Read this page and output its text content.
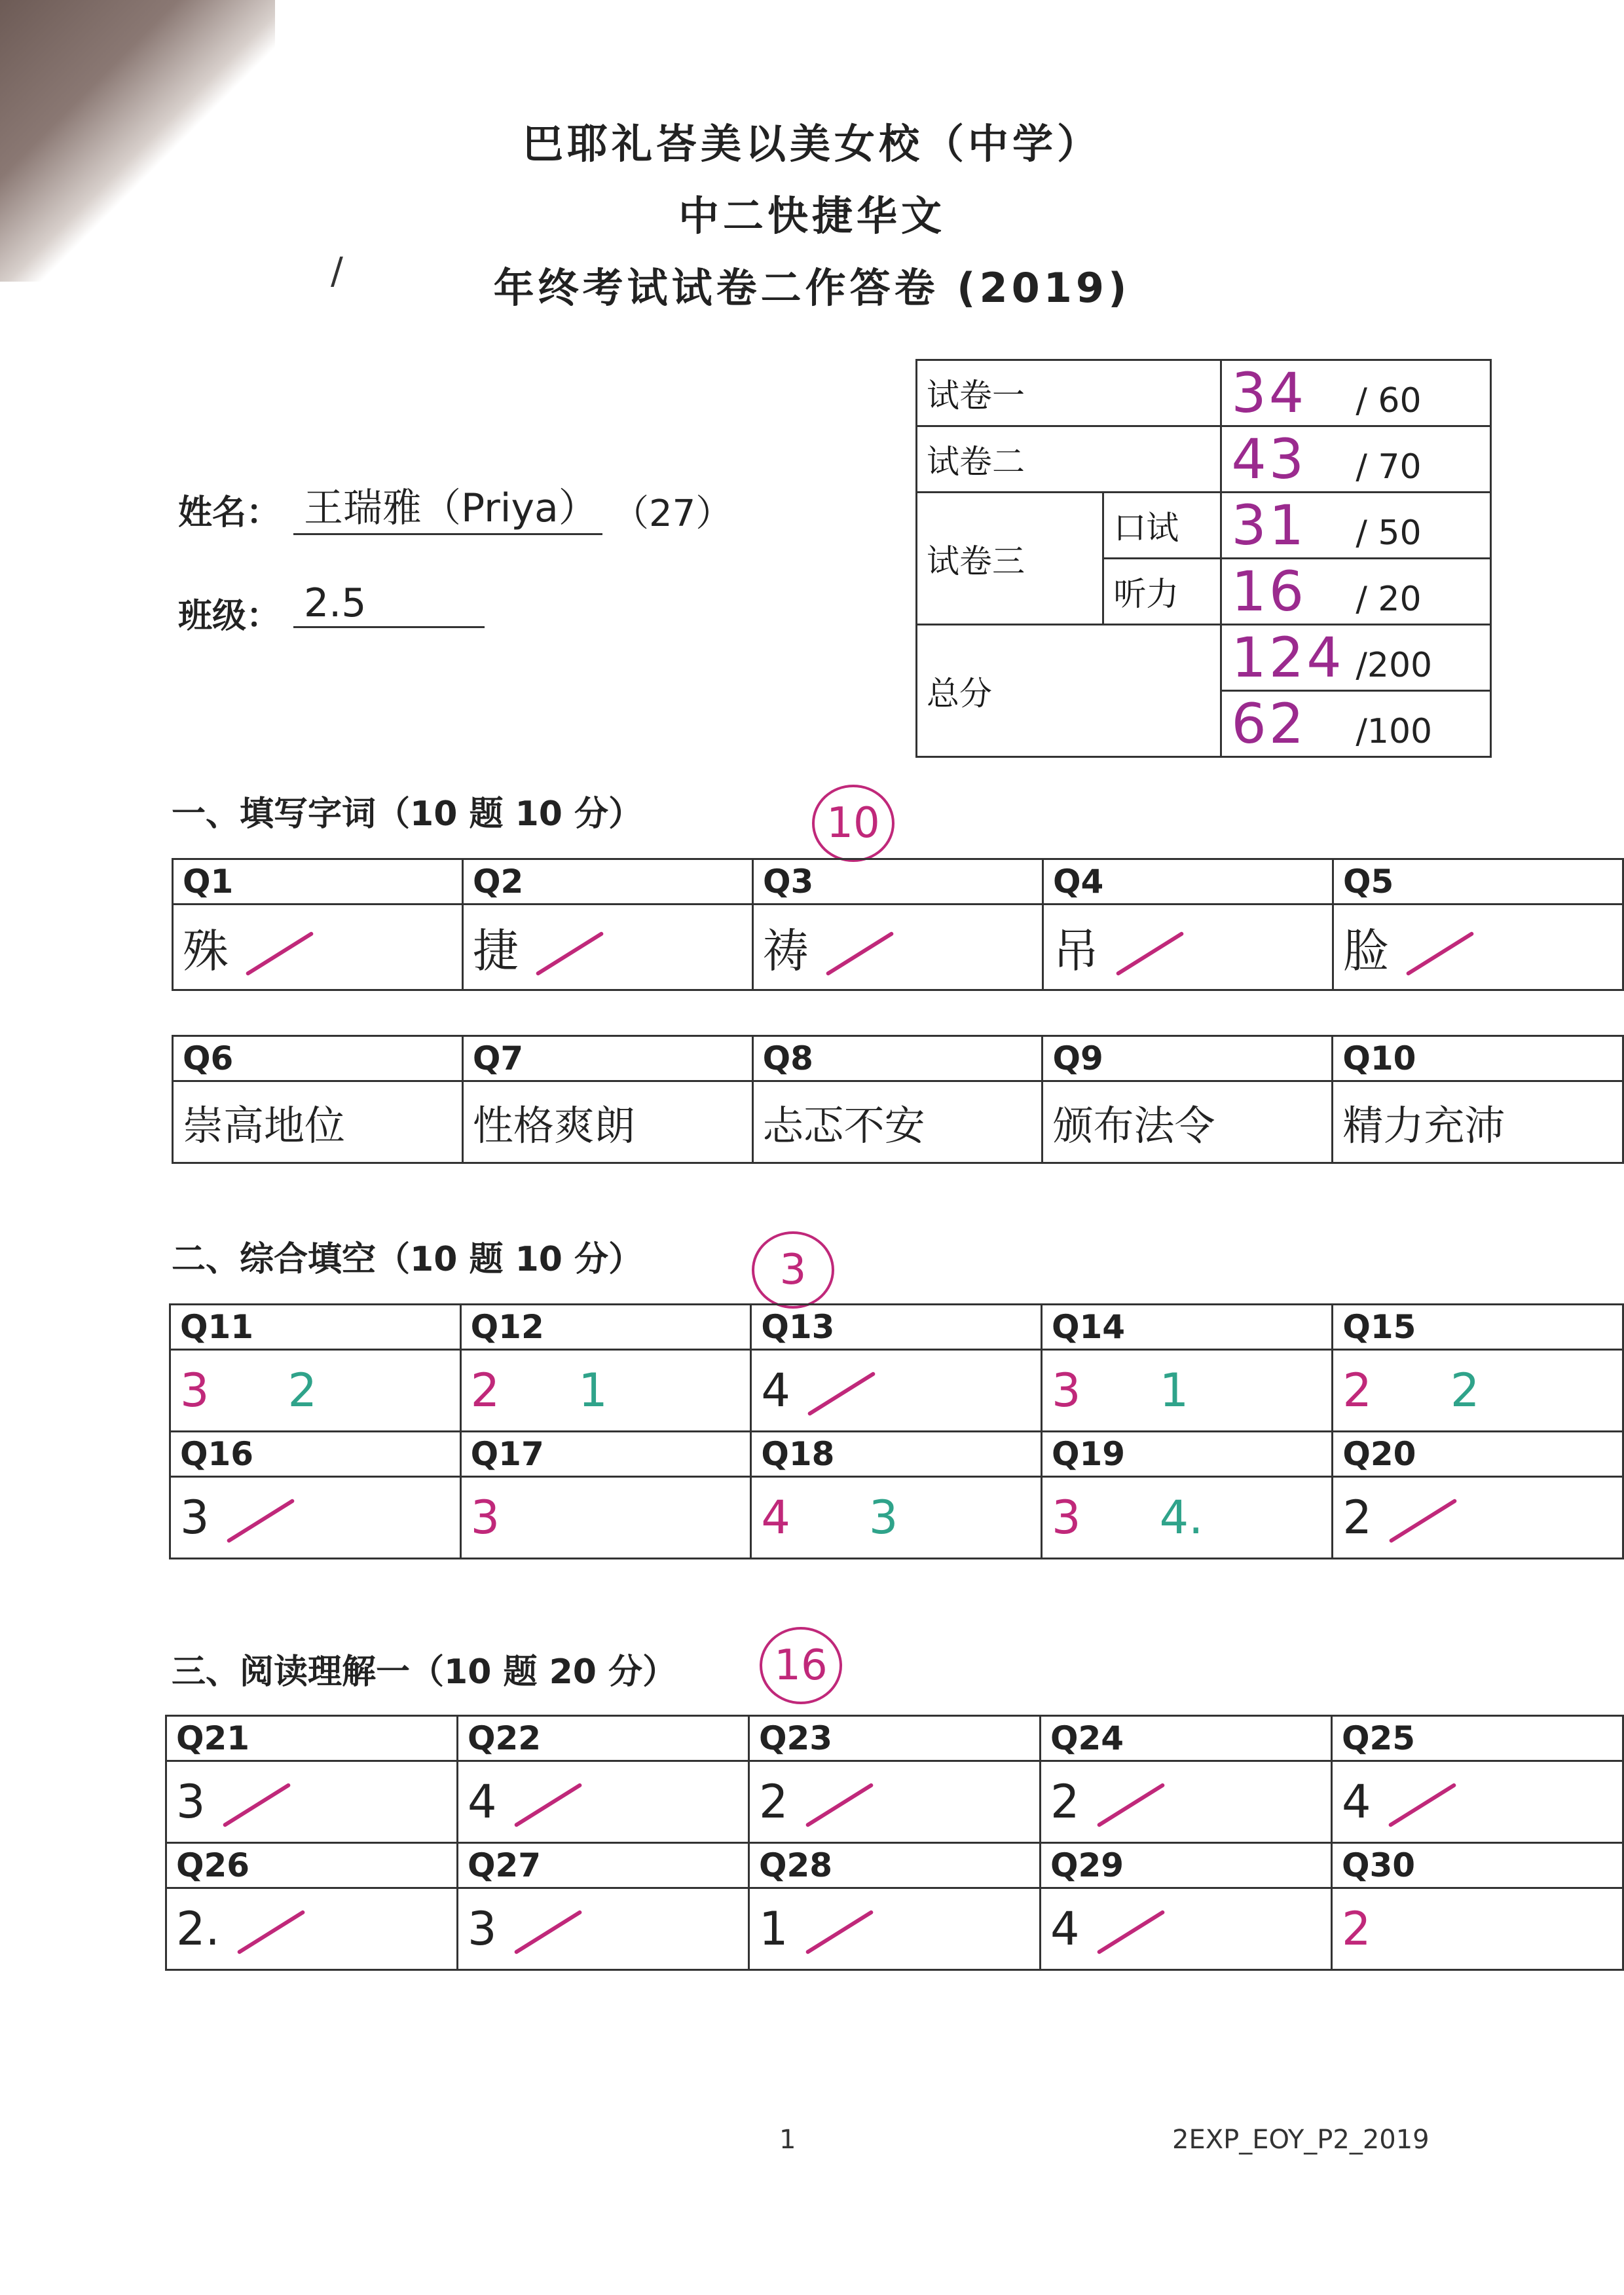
巴耶礼峇美以美女校（中学）
中二快捷华文
年终考试试卷二作答卷 (2019)
/
试卷一		34 / 60
试卷二		43 / 70
试卷三	口试	31 / 50
	听力	16 / 20
总分		124 /200
		62 /100
姓名： 王瑞雅（Priya） （27）
班级： 2.5
一、填写字词（10 题 10 分）	10
Q1	Q2	Q3	Q4	Q5
殊	捷	祷	吊	脸
Q6	Q7	Q8	Q9	Q10
崇高地位	性格爽朗	忐忑不安	颁布法令	精力充沛
二、综合填空（10 题 10 分）	3
Q11	Q12	Q13	Q14	Q15
3 2	2 1	4	3 1	2 2
Q16	Q17	Q18	Q19	Q20
3	3	4 3	3 4.	2
三、阅读理解一（10 题 20 分）	16
Q21	Q22	Q23	Q24	Q25
3	4	2	2	4
Q26	Q27	Q28	Q29	Q30
2.	3	1	4	2
1	2EXP_EOY_P2_2019
